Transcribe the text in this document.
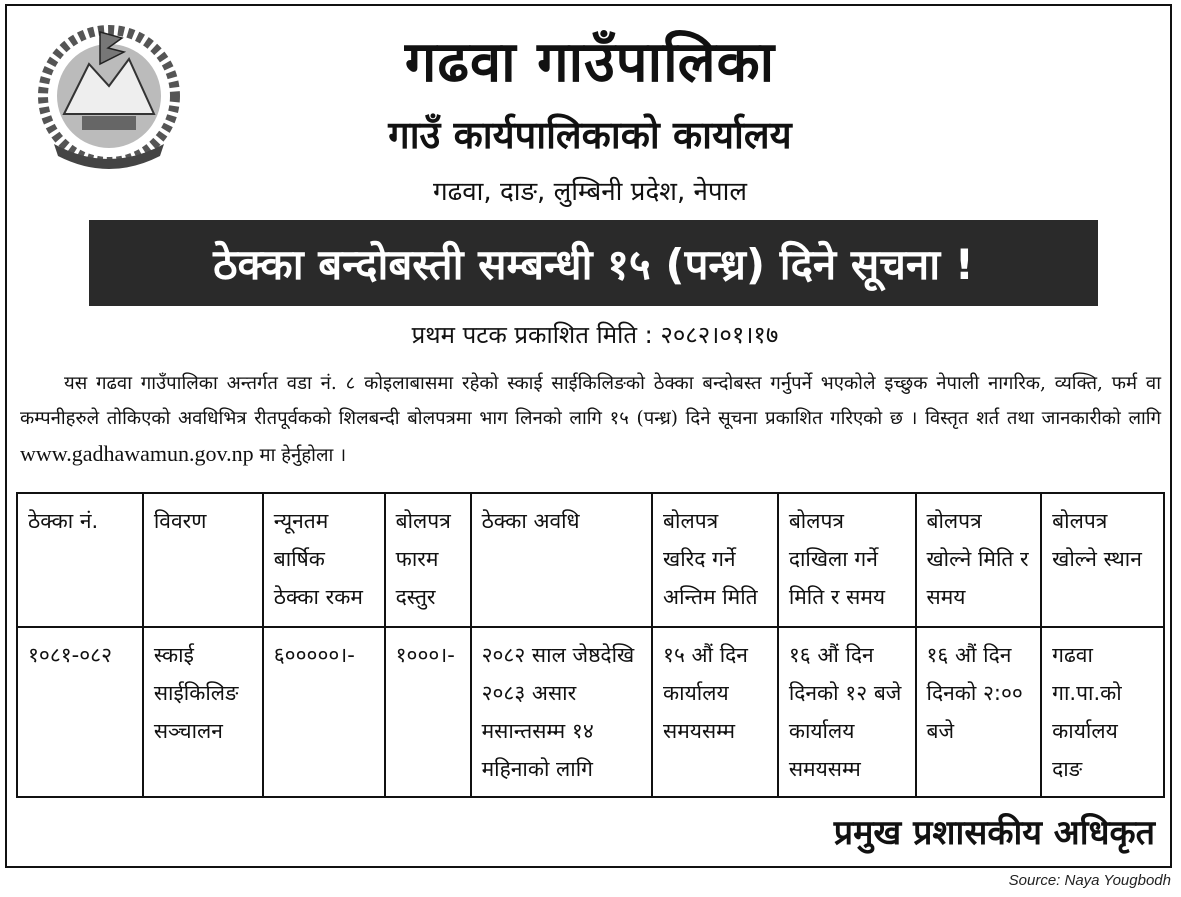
गढवा गाउँपालिका
गाउँ कार्यपालिकाको कार्यालय
गढवा, दाङ, लुम्बिनी प्रदेश, नेपाल
ठेक्का बन्दोबस्ती सम्बन्धी १५ (पन्ध्र) दिने सूचना !
प्रथम पटक प्रकाशित मिति : २०८२।०१।१७
यस गढवा गाउँपालिका अन्तर्गत वडा नं. ८ कोइलाबासमा रहेको स्काई साईकिलिङको ठेक्का बन्दोबस्त गर्नुपर्ने भएकोले इच्छुक नेपाली नागरिक, व्यक्ति, फर्म वा कम्पनीहरुले तोकिएको अवधिभित्र रीतपूर्वकको शिलबन्दी बोलपत्रमा भाग लिनको लागि १५ (पन्ध्र) दिने सूचना प्रकाशित गरिएको छ । विस्तृत शर्त तथा जानकारीको लागि www.gadhawamun.gov.np मा हेर्नुहोला ।
ठेक्का नं.	विवरण	न्यूनतम बार्षिक ठेक्का रकम	बोलपत्र फारम दस्तुर	ठेक्का अवधि	बोलपत्र खरिद गर्ने अन्तिम मिति	बोलपत्र दाखिला गर्ने मिति र समय	बोलपत्र खोल्ने मिति र समय	बोलपत्र खोल्ने स्थान
१०८१-०८२	स्काई साईकिलिङ सञ्चालन	६०००००।-	१०००।-	२०८२ साल जेष्ठदेखि २०८३ असार मसान्तसम्म १४ महिनाको लागि	१५ औं दिन कार्यालय समयसम्म	१६ औं दिन दिनको १२ बजे कार्यालय समयसम्म	१६ औं दिन दिनको २:०० बजे	गढवा गा.पा.को कार्यालय दाङ
प्रमुख प्रशासकीय अधिकृत
Source: Naya Yougbodh
